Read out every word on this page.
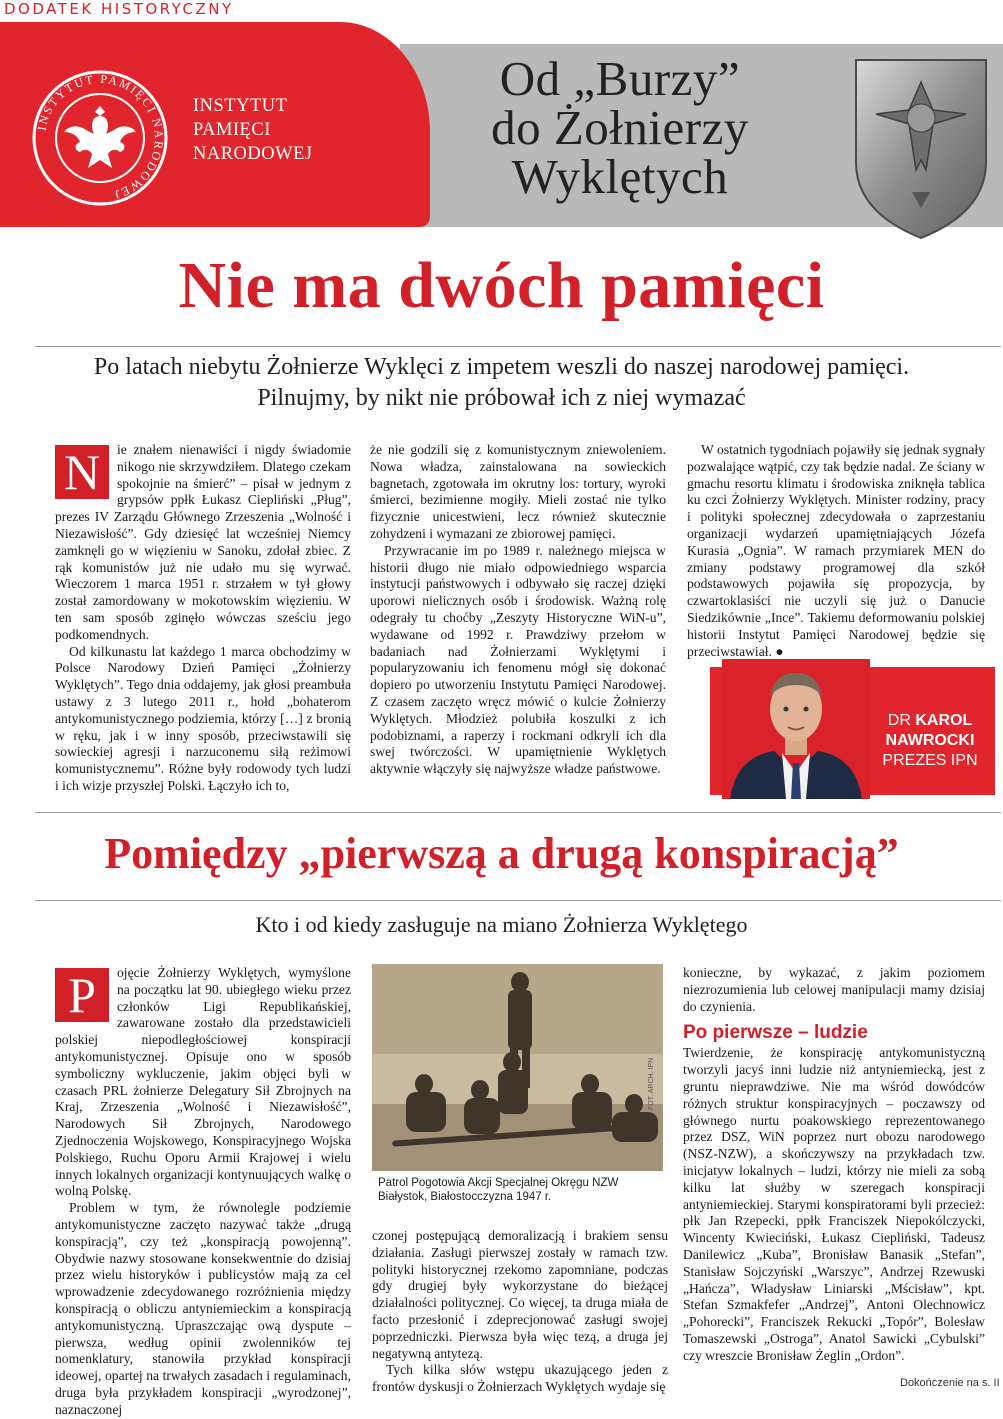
DODATEK HISTORYCZNY
INSTYTUT PAMIĘCI NARODOWEJ
INSTYTUT
PAMIĘCI
NARODOWEJ
Od „Burzy”
do Żołnierzy
Wyklętych
Nie ma dwóch pamięci
Po latach niebytu Żołnierze Wyklęci z impetem weszli do naszej narodowej pamięci.
Pilnujmy, by nikt nie próbował ich z niej wymazać
N	ie znałem nienawiści i nigdy świadomie nikogo nie skrzywdziłem. Dlatego czekam spokojnie na śmierć” – pisał w jednym z grypsów ppłk Łukasz Ciepliński „Pług”, prezes IV Zarządu Głównego Zrzeszenia „Wolność i Niezawisłość”. Gdy dziesięć lat wcześniej Niemcy zamknęli go w więzieniu w Sanoku, zdołał zbiec. Z rąk komunistów już nie udało mu się wyrwać. Wieczorem 1 marca 1951 r. strzałem w tył głowy został zamordowany w mokotowskim więzieniu. W ten sam sposób zginęło wówczas sześciu jego podkomendnych.

Od kilkunastu lat każdego 1 marca obchodzimy w Polsce Narodowy Dzień Pamięci „Żołnierzy Wyklętych”. Tego dnia oddajemy, jak głosi preambuła ustawy z 3 lutego 2011 r., hołd „bohaterom antykomunistycznego podziemia, którzy […] z bronią w ręku, jak i w inny sposób, przeciwstawili się sowieckiej agresji i narzuconemu siłą reżimowi komunistycznemu”. Różne były rodowody tych ludzi i ich wizje przyszłej Polski. Łączyło ich to,

że nie godzili się z komunistycznym zniewoleniem. Nowa władza, zainstalowana na sowieckich bagnetach, zgotowała im okrutny los: tortury, wyroki śmierci, bezimienne mogiły. Mieli zostać nie tylko fizycznie unicestwieni, lecz również skutecznie zohydzeni i wymazani ze zbiorowej pamięci.

Przywracanie im po 1989 r. należnego miejsca w historii długo nie miało odpowiedniego wsparcia instytucji państwowych i odbywało się raczej dzięki uporowi nielicznych osób i środowisk. Ważną rolę odegrały tu choćby „Zeszyty Historyczne WiN-u”, wydawane od 1992 r. Prawdziwy przełom w badaniach nad Żołnierzami Wyklętymi i popularyzowaniu ich fenomenu mógł się dokonać dopiero po utworzeniu Instytutu Pamięci Narodowej. Z czasem zaczęto wręcz mówić o kulcie Żołnierzy Wyklętych. Młodzież polubiła koszulki z ich podobiznami, a raperzy i rockmani odkryli ich dla swej twórczości. W upamiętnienie Wyklętych aktywnie włączyły się najwyższe władze państwowe.

W ostatnich tygodniach pojawiły się jednak sygnały pozwalające wątpić, czy tak będzie nadal. Ze ściany w gmachu resortu klimatu i środowiska zniknęła tablica ku czci Żołnierzy Wyklętych. Minister rodziny, pracy i polityki społecznej zdecydowała o zaprzestaniu organizacji wydarzeń upamiętniających Józefa Kurasia „Ognia”. W ramach przymiarek MEN do zmiany podstawy programowej dla szkół podstawowych pojawiła się propozycja, by czwartoklasiści nie uczyli się już o Danucie Siedzikównie „Ince”. Takiemu deformowaniu polskiej historii Instytut Pamięci Narodowej będzie się przeciwstawiał. ●

DR KAROL
NAWROCKI
PREZES IPN
Pomiędzy „pierwszą a drugą konspiracją”
Kto i od kiedy zasługuje na miano Żołnierza Wyklętego
P	ojęcie Żołnierzy Wyklętych, wymyślone na początku lat 90. ubiegłego wieku przez członków Ligi Republikańskiej, zawarowane zostało dla przedstawicieli polskiej niepodległościowej konspiracji antykomunistycznej. Opisuje ono w sposób symboliczny wykluczenie, jakim objęci byli w czasach PRL żołnierze Delegatury Sił Zbrojnych na Kraj, Zrzeszenia „Wolność i Niezawisłość”, Narodowych Sił Zbrojnych, Narodowego Zjednoczenia Wojskowego, Konspiracyjnego Wojska Polskiego, Ruchu Oporu Armii Krajowej i wielu innych lokalnych organizacji kontynuujących walkę o wolną Polskę.

Problem w tym, że równolegle podziemie antykomunistyczne zaczęto nazywać także „drugą konspiracją”, czy też „konspiracją powojenną”. Obydwie nazwy stosowane konsekwentnie do dzisiaj przez wielu historyków i publicystów mają za cel wprowadzenie zdecydowanego rozróżnienia między konspiracją o obliczu antyniemieckim a konspiracją antykomunistyczną. Upraszczając ową dyspute – pierwsza, według opinii zwolenników tej nomenklatury, stanowiła przykład konspiracji ideowej, opartej na trwałych zasadach i regulaminach, druga była przykładem konspiracji „wyrodzonej”, naznaczonej

FOT. ARCH. IPN
Patrol Pogotowia Akcji Specjalnej Okręgu NZW Białystok, Białostocczyzna 1947 r.

czonej postępującą demoralizacją i brakiem sensu działania. Zasługi pierwszej zostały w ramach tzw. polityki historycznej rzekomo zapomniane, podczas gdy drugiej były wykorzystane do bieżącej działalności politycznej. Co więcej, ta druga miała de facto przesłonić i zdeprecjonować zasługi swojej poprzedniczki. Pierwsza była więc tezą, a druga jej negatywną antytezą.

Tych kilka słów wstępu ukazującego jeden z frontów dyskusji o Żołnierzach Wyklętych wydaje się

konieczne, by wykazać, z jakim poziomem niezrozumienia lub celowej manipulacji mamy dzisiaj do czynienia.

Po pierwsze – ludzie

Twierdzenie, że konspirację antykomunistyczną tworzyli jacyś inni ludzie niż antyniemiecką, jest z gruntu nieprawdziwe. Nie ma wśród dowódców różnych struktur konspiracyjnych – poczawszy od głównego nurtu poakowskiego reprezentowanego przez DSZ, WiN poprzez nurt obozu narodowego (NSZ-NZW), a skończywszy na przykładach tzw. inicjatyw lokalnych – ludzi, którzy nie mieli za sobą kilku lat służby w szeregach konspiracji antyniemieckiej. Starymi konspiratorami byli przecież: płk Jan Rzepecki, ppłk Franciszek Niepokólczycki, Wincenty Kwieciński, Łukasz Ciepliński, Tadeusz Danilewicz „Kuba”, Bronisław Banasik „Stefan”, Stanisław Sojczyński „Warszyc”, Andrzej Rzewuski „Hańcza”, Władysław Liniarski „Mścisław”, kpt. Stefan Szmakfefer „Andrzej”, Antoni Olechnowicz „Pohorecki”, Franciszek Rekucki „Topór”, Bolesław Tomaszewski „Ostroga”, Anatol Sawicki „Cybulski” czy wreszcie Bronisław Żeglin „Ordon”.

Dokończenie na s. II
